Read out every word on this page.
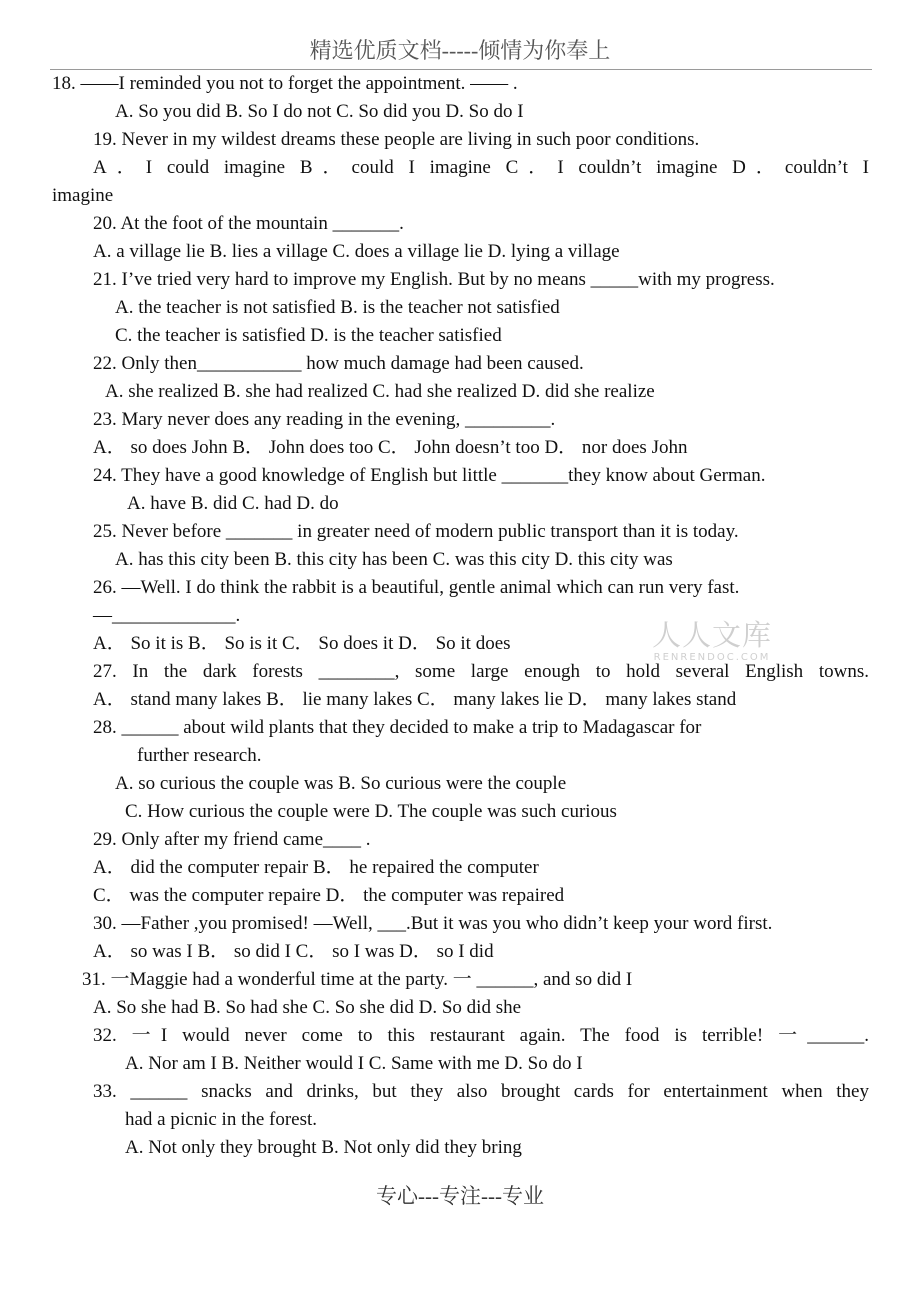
精选优质文档-----倾情为你奉上
人人文库
RENRENDOC.COM
18. ——I reminded you not to forget the appointment. —— .
A. So you did B. So I do not C. So did you D. So do I
19. Never in my wildest dreams these people are living in such poor conditions.
A．I could imagine B．could I imagine C．I couldn’t imagine D．couldn’t I
imagine
20. At the foot of the mountain _______.
A. a village lie B. lies a village C. does a village lie D. lying a village
21. I’ve tried very hard to improve my English. But by no means _____with my progress.
A. the teacher is not satisfied B. is the teacher not satisfied
C. the teacher is satisfied D. is the teacher satisfied
22. Only then___________ how much damage had been caused.
A. she realized B. she had realized C. had she realized D. did she realize
23. Mary never does any reading in the evening, _________.
A． so does John B． John does too C． John doesn’t too D． nor does John
24. They have a good knowledge of English but little _______they know about German.
A. have B. did C. had D. do
25. Never before _______ in greater need of modern public transport than it is today.
A. has this city been B. this city has been C. was this city D. this city was
26. —Well. I do think the rabbit is a beautiful, gentle animal which can run very fast.
—_____________.
A． So it is B． So is it C． So does it D． So it does
27. In the dark forests ________, some large enough to hold several English towns.
A． stand many lakes B． lie many lakes C． many lakes lie D． many lakes stand
28. ______ about wild plants that they decided to make a trip to Madagascar for
further research.
A. so curious the couple was B. So curious were the couple
C. How curious the couple were D. The couple was such curious
29. Only after my friend came____ .
A． did the computer repair B． he repaired the computer
C． was the computer repaire D． the computer was repaired
30. —Father ,you promised! —Well, ___.But it was you who didn’t keep your word first.
A． so was I B． so did I C． so I was D． so I did
31. 一Maggie had a wonderful time at the party. 一 ______, and so did I
A. So she had B. So had she C. So she did D. So did she
32. 一I would never come to this restaurant again. The food is terrible! 一______.
A. Nor am I B. Neither would I C. Same with me D. So do I
33. ______ snacks and drinks, but they also brought cards for entertainment when they
had a picnic in the forest.
A. Not only they brought B. Not only did they bring
专心---专注---专业
